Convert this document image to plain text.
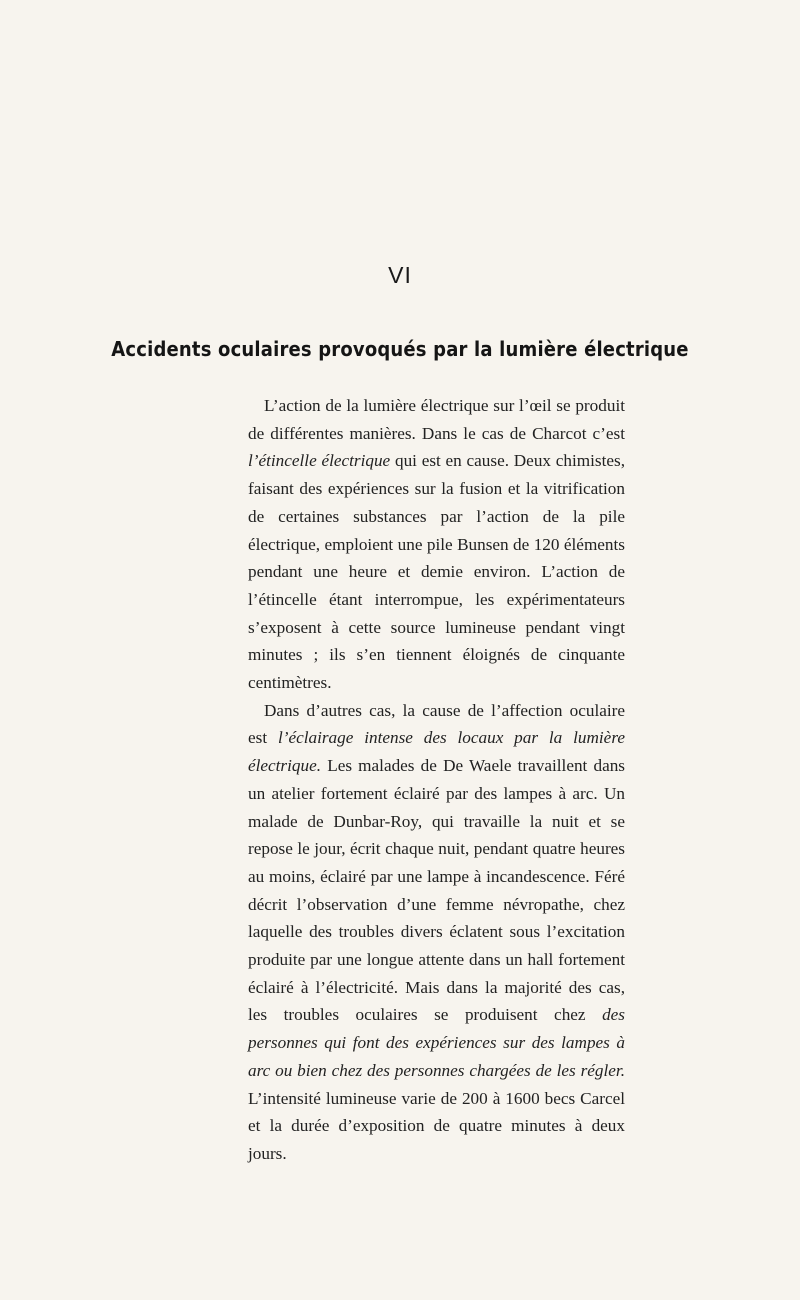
VI
Accidents oculaires provoqués par la lumière électrique

L’action de la lumière électrique sur l’œil se produit de différentes manières. Dans le cas de Charcot c’est l’étincelle électrique qui est en cause. Deux chimistes, faisant des expériences sur la fusion et la vitrification de certaines substances par l’action de la pile électrique, emploient une pile Bunsen de 120 éléments pendant une heure et demie environ. L’action de l’étincelle étant interrompue, les expérimentateurs s’exposent à cette source lumineuse pendant vingt minutes ; ils s’en tiennent éloignés de cinquante centimètres.

Dans d’autres cas, la cause de l’affection oculaire est l’éclairage intense des locaux par la lumière électrique. Les malades de De Waele travaillent dans un atelier fortement éclairé par des lampes à arc. Un malade de Dunbar-Roy, qui travaille la nuit et se repose le jour, écrit chaque nuit, pendant quatre heures au moins, éclairé par une lampe à incandescence. Féré décrit l’observation d’une femme névropathe, chez laquelle des troubles divers éclatent sous l’excitation produite par une longue attente dans un hall fortement éclairé à l’électricité. Mais dans la majorité des cas, les troubles oculaires se produisent chez des personnes qui font des expériences sur des lampes à arc ou bien chez des personnes chargées de les régler. L’intensité lumineuse varie de 200 à 1600 becs Carcel et la durée d’exposition de quatre minutes à deux jours.
